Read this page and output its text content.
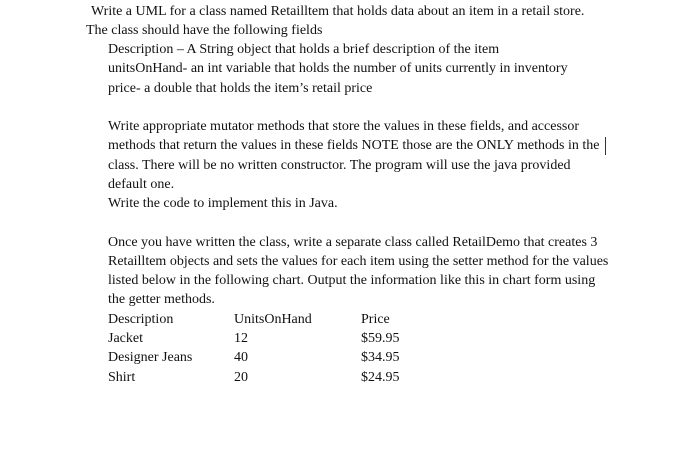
Write a UML for a class named Retailltem that holds data about an item in a retail store.
The class should have the following fields
Description – A String object that holds a brief description of the item
unitsOnHand- an int variable that holds the number of units currently in inventory
price- a double that holds the item’s retail price
Write appropriate mutator methods that store the values in these fields, and accessor
methods that return the values in these fields NOTE those are the ONLY methods in the
class. There will be no written constructor. The program will use the java provided
default one.
Write the code to implement this in Java.
Once you have written the class, write a separate class called RetailDemo that creates 3
Retailltem objects and sets the values for each item using the setter method for the values
listed below in the following chart. Output the information like this in chart form using
the getter methods.
Description	UnitsOnHand	Price
Jacket	12	$59.95
Designer Jeans	40	$34.95
Shirt	20	$24.95
